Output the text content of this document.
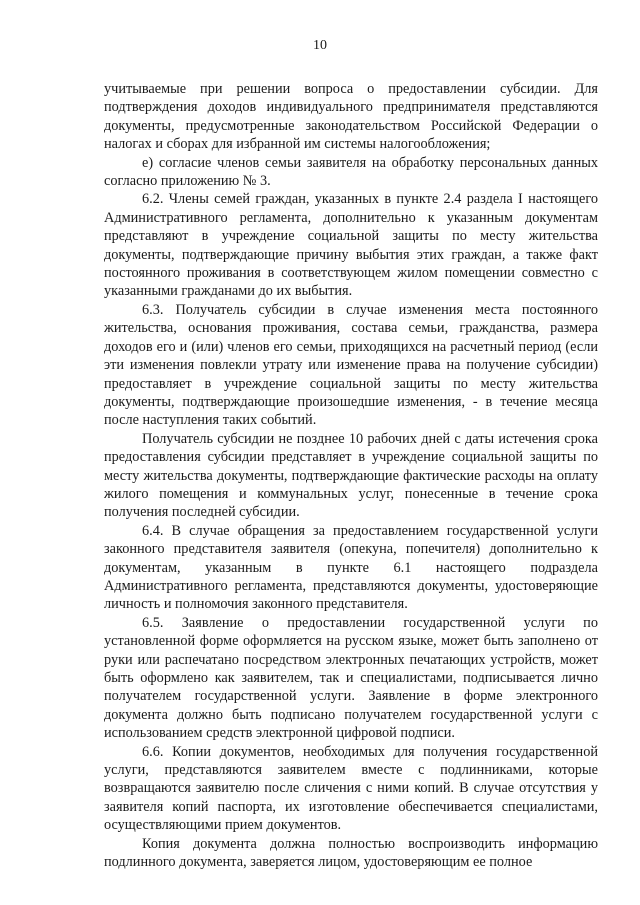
10

учитываемые при решении вопроса о предоставлении субсидии. Для подтверждения доходов индивидуального предпринимателя представляются документы, предусмотренные законодательством Российской Федерации о налогах и сборах для избранной им системы налогообложения;

е) согласие членов семьи заявителя на обработку персональных данных согласно приложению № 3.

6.2. Члены семей граждан, указанных в пункте 2.4 раздела I настоящего Административного регламента, дополнительно к указанным документам представляют в учреждение социальной защиты по месту жительства документы, подтверждающие причину выбытия этих граждан, а также факт постоянного проживания в соответствующем жилом помещении совместно с указанными гражданами до их выбытия.

6.3. Получатель субсидии в случае изменения места постоянного жительства, основания проживания, состава семьи, гражданства, размера доходов его и (или) членов его семьи, приходящихся на расчетный период (если эти изменения повлекли утрату или изменение права на получение субсидии) предоставляет в учреждение социальной защиты по месту жительства документы, подтверждающие произошедшие изменения, - в течение месяца после наступления таких событий.

Получатель субсидии не позднее 10 рабочих дней с даты истечения срока предоставления субсидии представляет в учреждение социальной защиты по месту жительства документы, подтверждающие фактические расходы на оплату жилого помещения и коммунальных услуг, понесенные в течение срока получения последней субсидии.

6.4. В случае обращения за предоставлением государственной услуги законного представителя заявителя (опекуна, попечителя) дополнительно к документам, указанным в пункте 6.1 настоящего подраздела Административного регламента, представляются документы, удостоверяющие личность и полномочия законного представителя.

6.5. Заявление о предоставлении государственной услуги по установленной форме оформляется на русском языке, может быть заполнено от руки или распечатано посредством электронных печатающих устройств, может быть оформлено как заявителем, так и специалистами, подписывается лично получателем государственной услуги. Заявление в форме электронного документа должно быть подписано получателем государственной услуги с использованием средств электронной цифровой подписи.

6.6. Копии документов, необходимых для получения государственной услуги, представляются заявителем вместе с подлинниками, которые возвращаются заявителю после сличения с ними копий. В случае отсутствия у заявителя копий паспорта, их изготовление обеспечивается специалистами, осуществляющими прием документов.

Копия документа должна полностью воспроизводить информацию подлинного документа, заверяется лицом, удостоверяющим ее полное
